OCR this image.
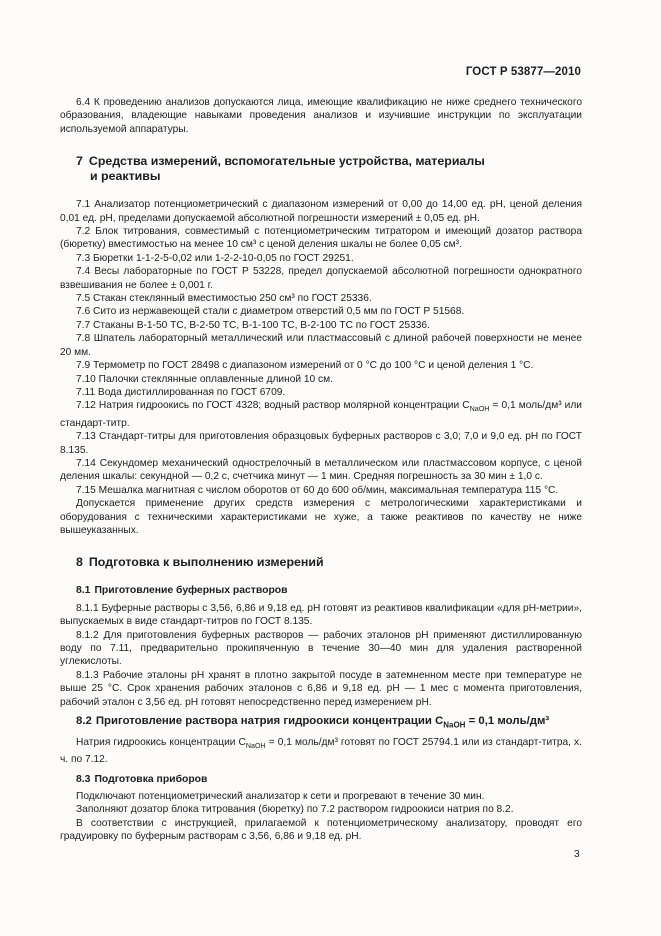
ГОСТ Р 53877—2010

6.4 К проведению анализов допускаются лица, имеющие квалификацию не ниже среднего технического образования, владеющие навыками проведения анализов и изучившие инструкции по эксплуатации используемой аппаратуры.

7 Средства измерений, вспомогательные устройства, материалы
и реактивы

7.1 Анализатор потенциометрический с диапазоном измерений от 0,00 до 14,00 ед. рН, ценой деления 0,01 ед. рН, пределами допускаемой абсолютной погрешности измерений ± 0,05 ед. рН.

7.2 Блок титрования, совместимый с потенциометрическим титратором и имеющий дозатор раствора (бюретку) вместимостью на менее 10 см³ с ценой деления шкалы не более 0,05 см³.

7.3 Бюретки 1-1-2-5-0,02 или 1-2-2-10-0,05 по ГОСТ 29251.

7.4 Весы лабораторные по ГОСТ Р 53228, предел допускаемой абсолютной погрешности однократного взвешивания не более ± 0,001 г.

7.5 Стакан стеклянный вместимостью 250 см³ по ГОСТ 25336.

7.6 Сито из нержавеющей стали с диаметром отверстий 0,5 мм по ГОСТ Р 51568.

7.7 Стаканы В-1-50 ТС, В-2-50 ТС, В-1-100 ТС, В-2-100 ТС по ГОСТ 25336.

7.8 Шпатель лабораторный металлический или пластмассовый с длиной рабочей поверхности не менее 20 мм.

7.9 Термометр по ГОСТ 28498 с диапазоном измерений от 0 °С до 100 °С и ценой деления 1 °С.

7.10 Палочки стеклянные оплавленные длиной 10 см.

7.11 Вода дистиллированная по ГОСТ 6709.

7.12 Натрия гидроокись по ГОСТ 4328; водный раствор молярной концентрации $C_{NaOH} = 0,1$ моль/дм³ или стандарт-титр.

7.13 Стандарт-титры для приготовления образцовых буферных растворов с 3,0; 7,0 и 9,0 ед. рН по ГОСТ 8.135.

7.14 Секундомер механический однострелочный в металлическом или пластмассовом корпусе, с ценой деления шкалы: секундной — 0,2 с, счетчика минут — 1 мин. Средняя погрешность за 30 мин ± 1,0 с.

7.15 Мешалка магнитная с числом оборотов от 60 до 600 об/мин, максимальная температура 115 °С.

Допускается применение других средств измерения с метрологическими характеристиками и оборудования с техническими характеристиками не хуже, а также реактивов по качеству не ниже вышеуказанных.

8 Подготовка к выполнению измерений
8.1 Приготовление буферных растворов

8.1.1 Буферные растворы с 3,56, 6,86 и 9,18 ед. рН готовят из реактивов квалификации «для рН-метрии», выпускаемых в виде стандарт-титров по ГОСТ 8.135.

8.1.2 Для приготовления буферных растворов — рабочих эталонов рН применяют дистиллированную воду по 7.11, предварительно прокипяченную в течение 30—40 мин для удаления растворенной углекислоты.

8.1.3 Рабочие эталоны рН хранят в плотно закрытой посуде в затемненном месте при температуре не выше 25 °С. Срок хранения рабочих эталонов с 6,86 и 9,18 ед. рН — 1 мес с момента приготовления, рабочий эталон с 3,56 ед. рН готовят непосредственно перед измерением рН.

8.2 Приготовление раствора натрия гидроокиси концентрации $C_{NaOH} = 0,1$ моль/дм³

Натрия гидроокись концентрации $C_{NaOH} = 0,1$ моль/дм³ готовят по ГОСТ 25794.1 или из стандарт-титра, х. ч. по 7.12.

8.3 Подготовка приборов

Подключают потенциометрический анализатор к сети и прогревают в течение 30 мин.

Заполняют дозатор блока титрования (бюретку) по 7.2 раствором гидроокиси натрия по 8.2.

В соответствии с инструкцией, прилагаемой к потенциометрическому анализатору, проводят его градуировку по буферным растворам с 3,56, 6,86 и 9,18 ед. рН.

3
